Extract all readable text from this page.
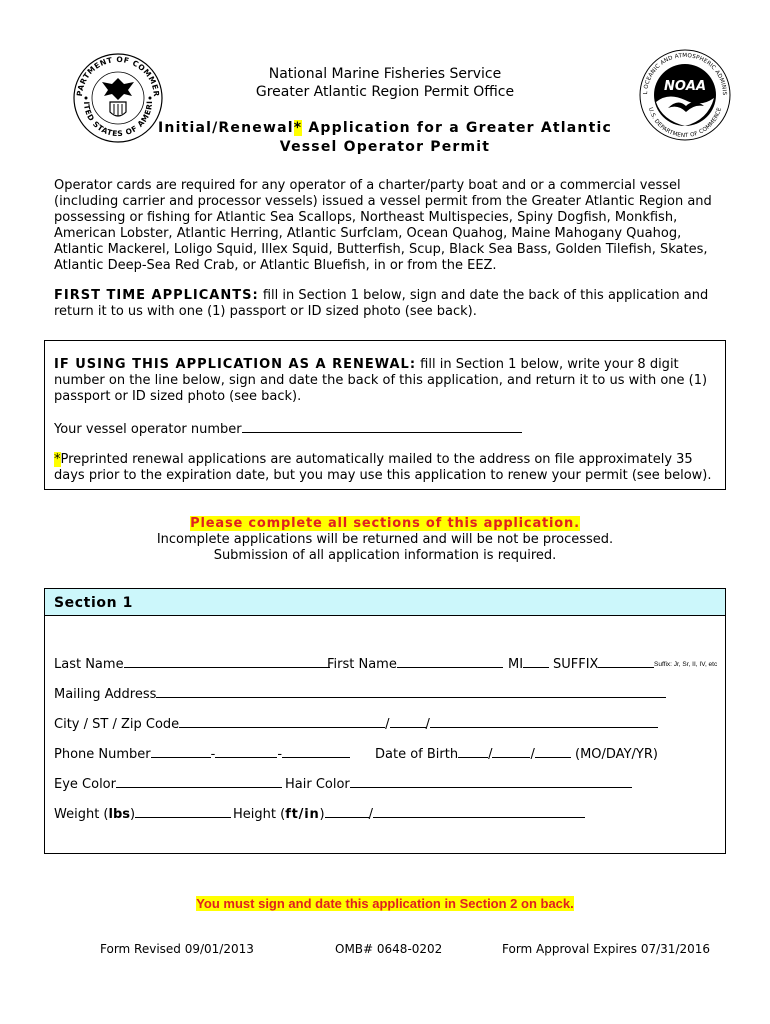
PARTMENT OF COMMER
ITED STATES OF AMERI
L OCEANIC AND ATMOSPHERIC ADMINIS
U.S. DEPARTMENT OF COMMERCE
NOAA
National Marine Fisheries Service
Greater Atlantic Region Permit Office
Initial/Renewal* Application for a Greater Atlantic
Vessel Operator Permit
Operator cards are required for any operator of a charter/party boat and or a commercial vessel (including carrier and processor vessels) issued a vessel permit from the Greater Atlantic Region and possessing or fishing for Atlantic Sea Scallops, Northeast Multispecies, Spiny Dogfish, Monkfish, American Lobster, Atlantic Herring, Atlantic Surfclam, Ocean Quahog, Maine Mahogany Quahog, Atlantic Mackerel, Loligo Squid, Illex Squid, Butterfish, Scup, Black Sea Bass, Golden Tilefish, Skates, Atlantic Deep-Sea Red Crab, or Atlantic Bluefish, in or from the EEZ.
FIRST TIME APPLICANTS: fill in Section 1 below, sign and date the back of this application and return it to us with one (1) passport or ID sized photo (see back).
IF USING THIS APPLICATION AS A RENEWAL: fill in Section 1 below, write your 8 digit number on the line below, sign and date the back of this application, and return it to us with one (1) passport or ID sized photo (see back).
Your vessel operator number
*Preprinted renewal applications are automatically mailed to the address on file approximately 35 days prior to the expiration date, but you may use this application to renew your permit (see below).
Please complete all sections of this application.
Incomplete applications will be returned and will be not be processed.
Submission of all application information is required.
Section 1
Last Name	First Name	MI	SUFFIX	Suffix: Jr, Sr, II, IV, etc
Mailing Address
City / ST / Zip Code	/	/
Phone Number	-	-	Date of Birth /	/	(MO/DAY/YR)
Eye Color	Hair Color
Weight (lbs)	Height (ft/in)	/
You must sign and date this application in Section 2 on back.
Form Revised 09/01/2013	OMB# 0648-0202	Form Approval Expires 07/31/2016
